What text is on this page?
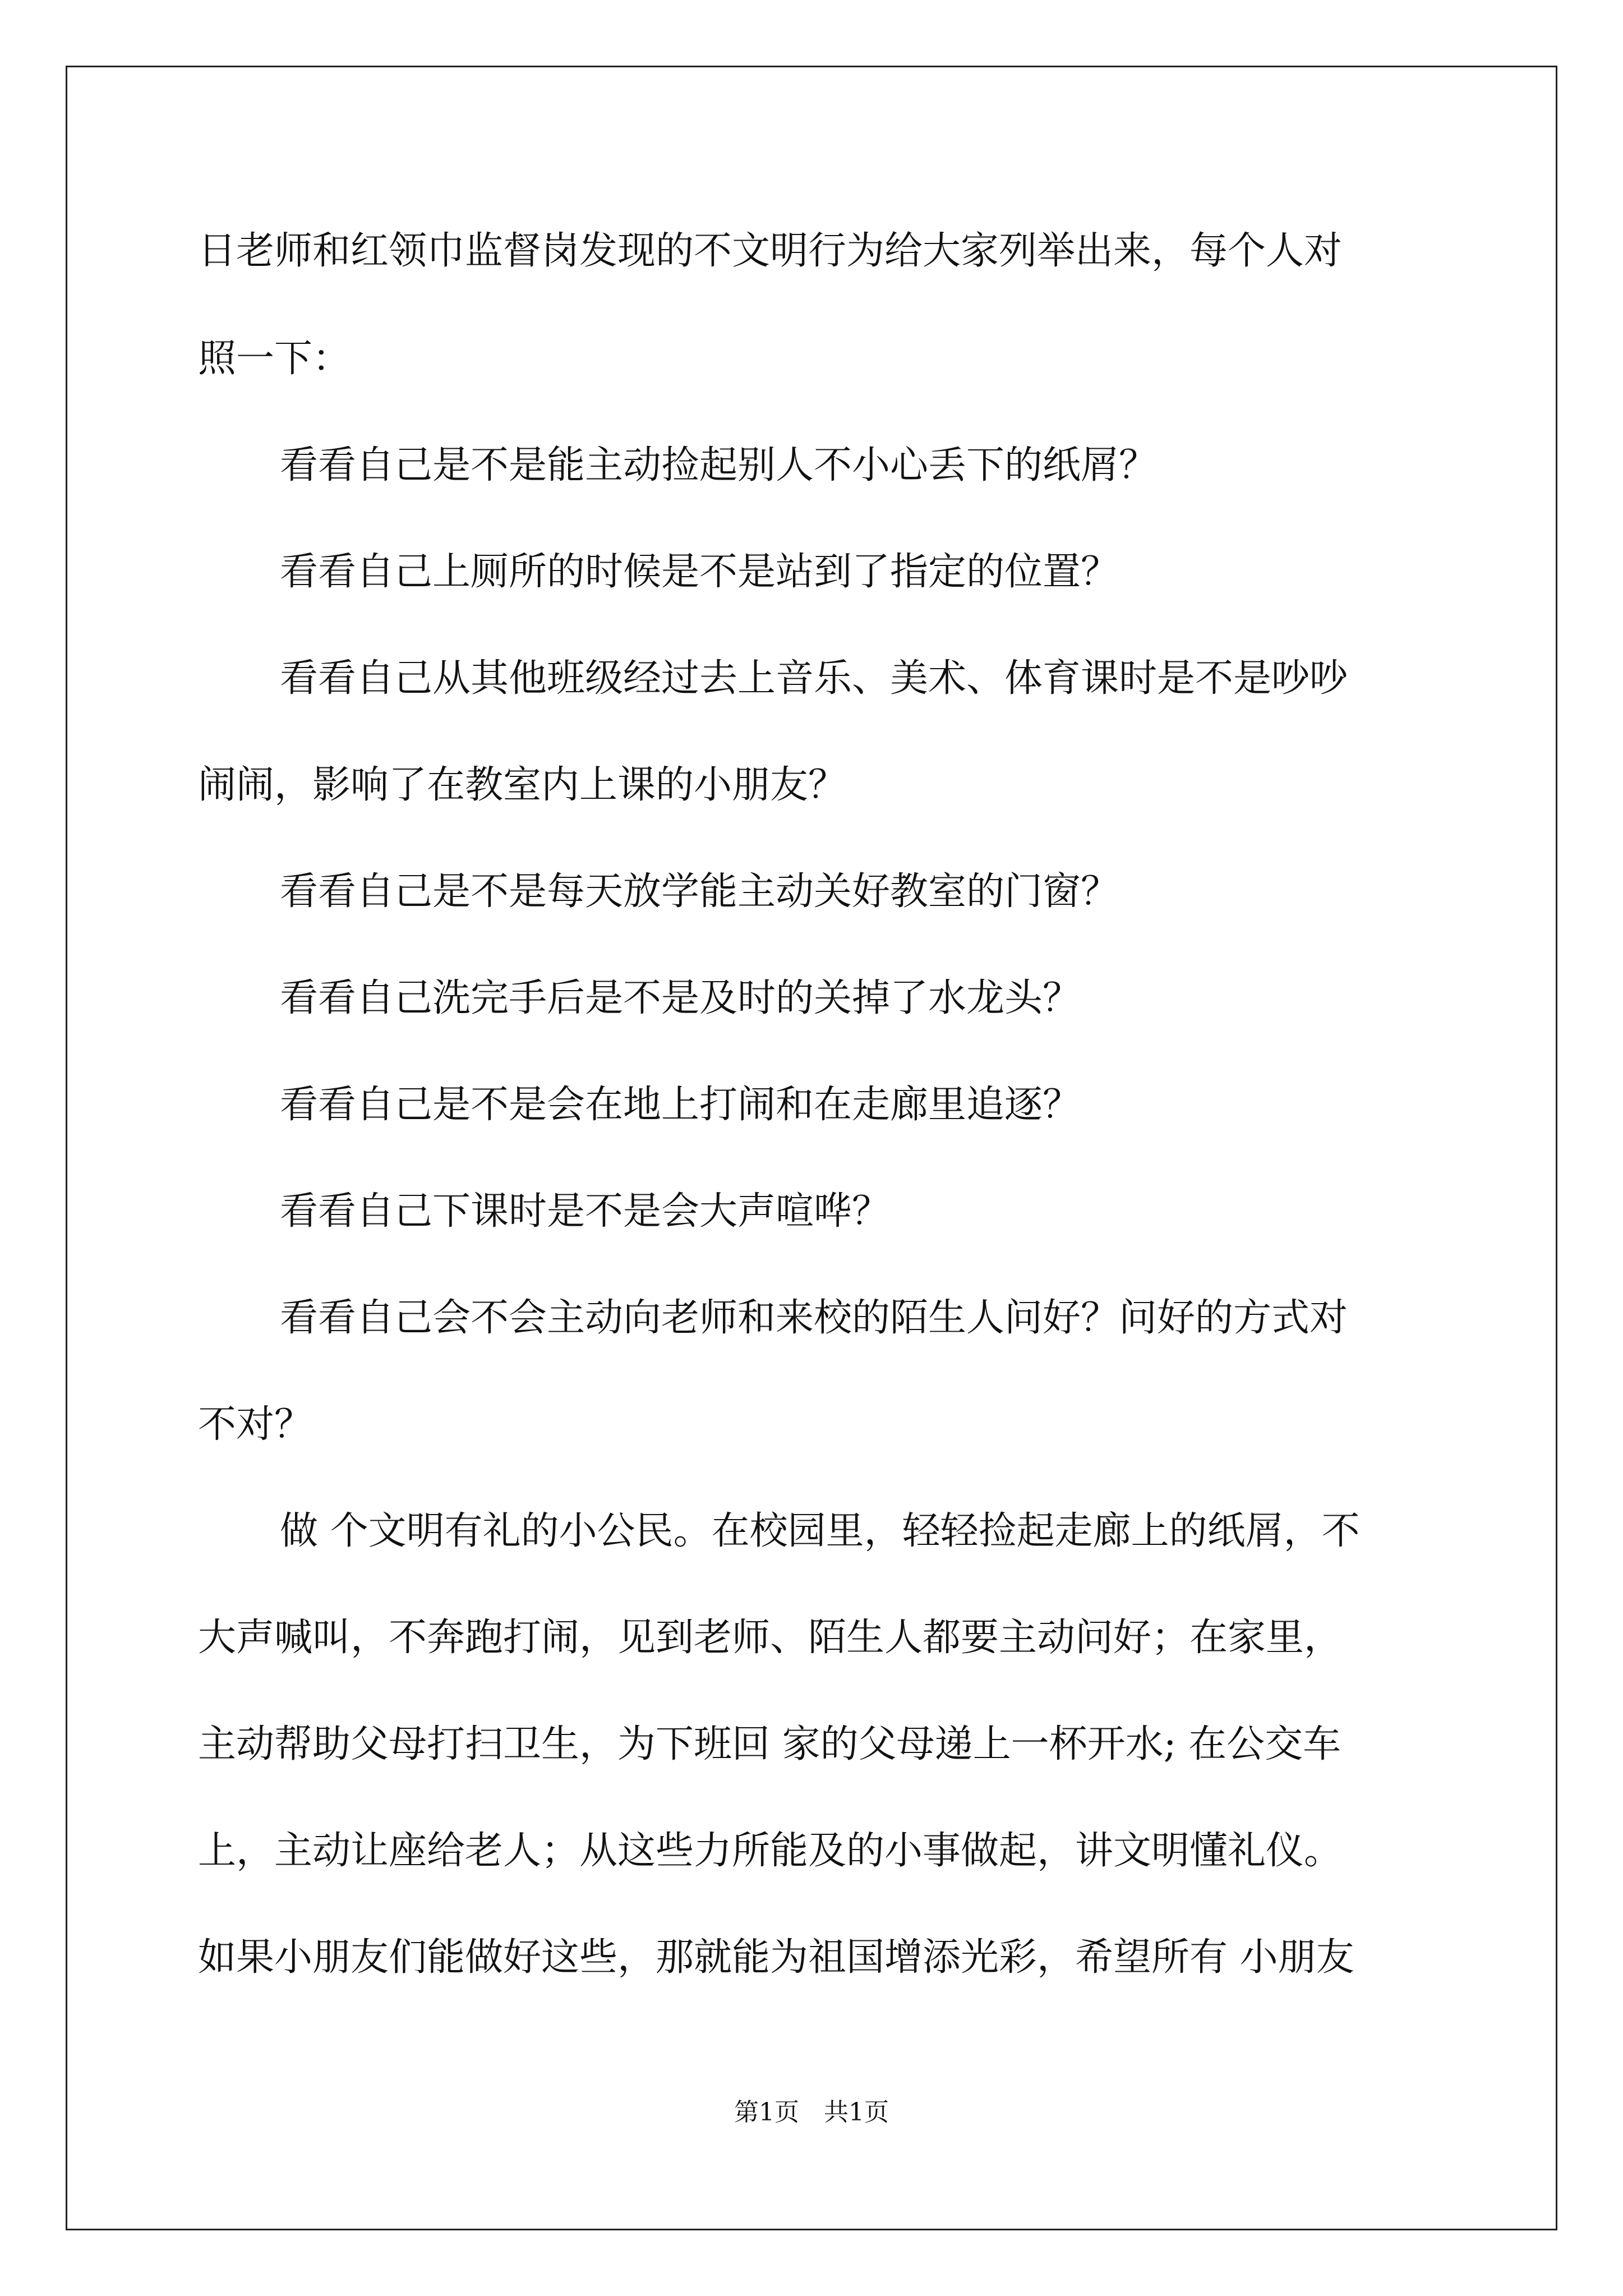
日老师和红领巾监督岗发现的不文明行为给大家列举出来，每个人对
照一下：
看看自己是不是能主动捡起别人不小心丢下的纸屑？
看看自己上厕所的时候是不是站到了指定的位置？
看看自己从其他班级经过去上音乐、美术、体育课时是不是吵吵
闹闹，影响了在教室内上课的小朋友？
看看自己是不是每天放学能主动关好教室的门窗？
看看自己洗完手后是不是及时的关掉了水龙头？
看看自己是不是会在地上打闹和在走廊里追逐？
看看自己下课时是不是会大声喧哗？
看看自己会不会主动向老师和来校的陌生人问好？问好的方式对
不对？
做 个文明有礼的小公民。在校园里，轻轻捡起走廊上的纸屑，不
大声喊叫，不奔跑打闹，见到老师、陌生人都要主动问好；在家里，
主动帮助父母打扫卫生，为下班回 家的父母递上一杯开水; 在公交车
上，主动让座给老人；从这些力所能及的小事做起，讲文明懂礼仪。
如果小朋友们能做好这些，那就能为祖国增添光彩，希望所有 小朋友
第1页　共1页
